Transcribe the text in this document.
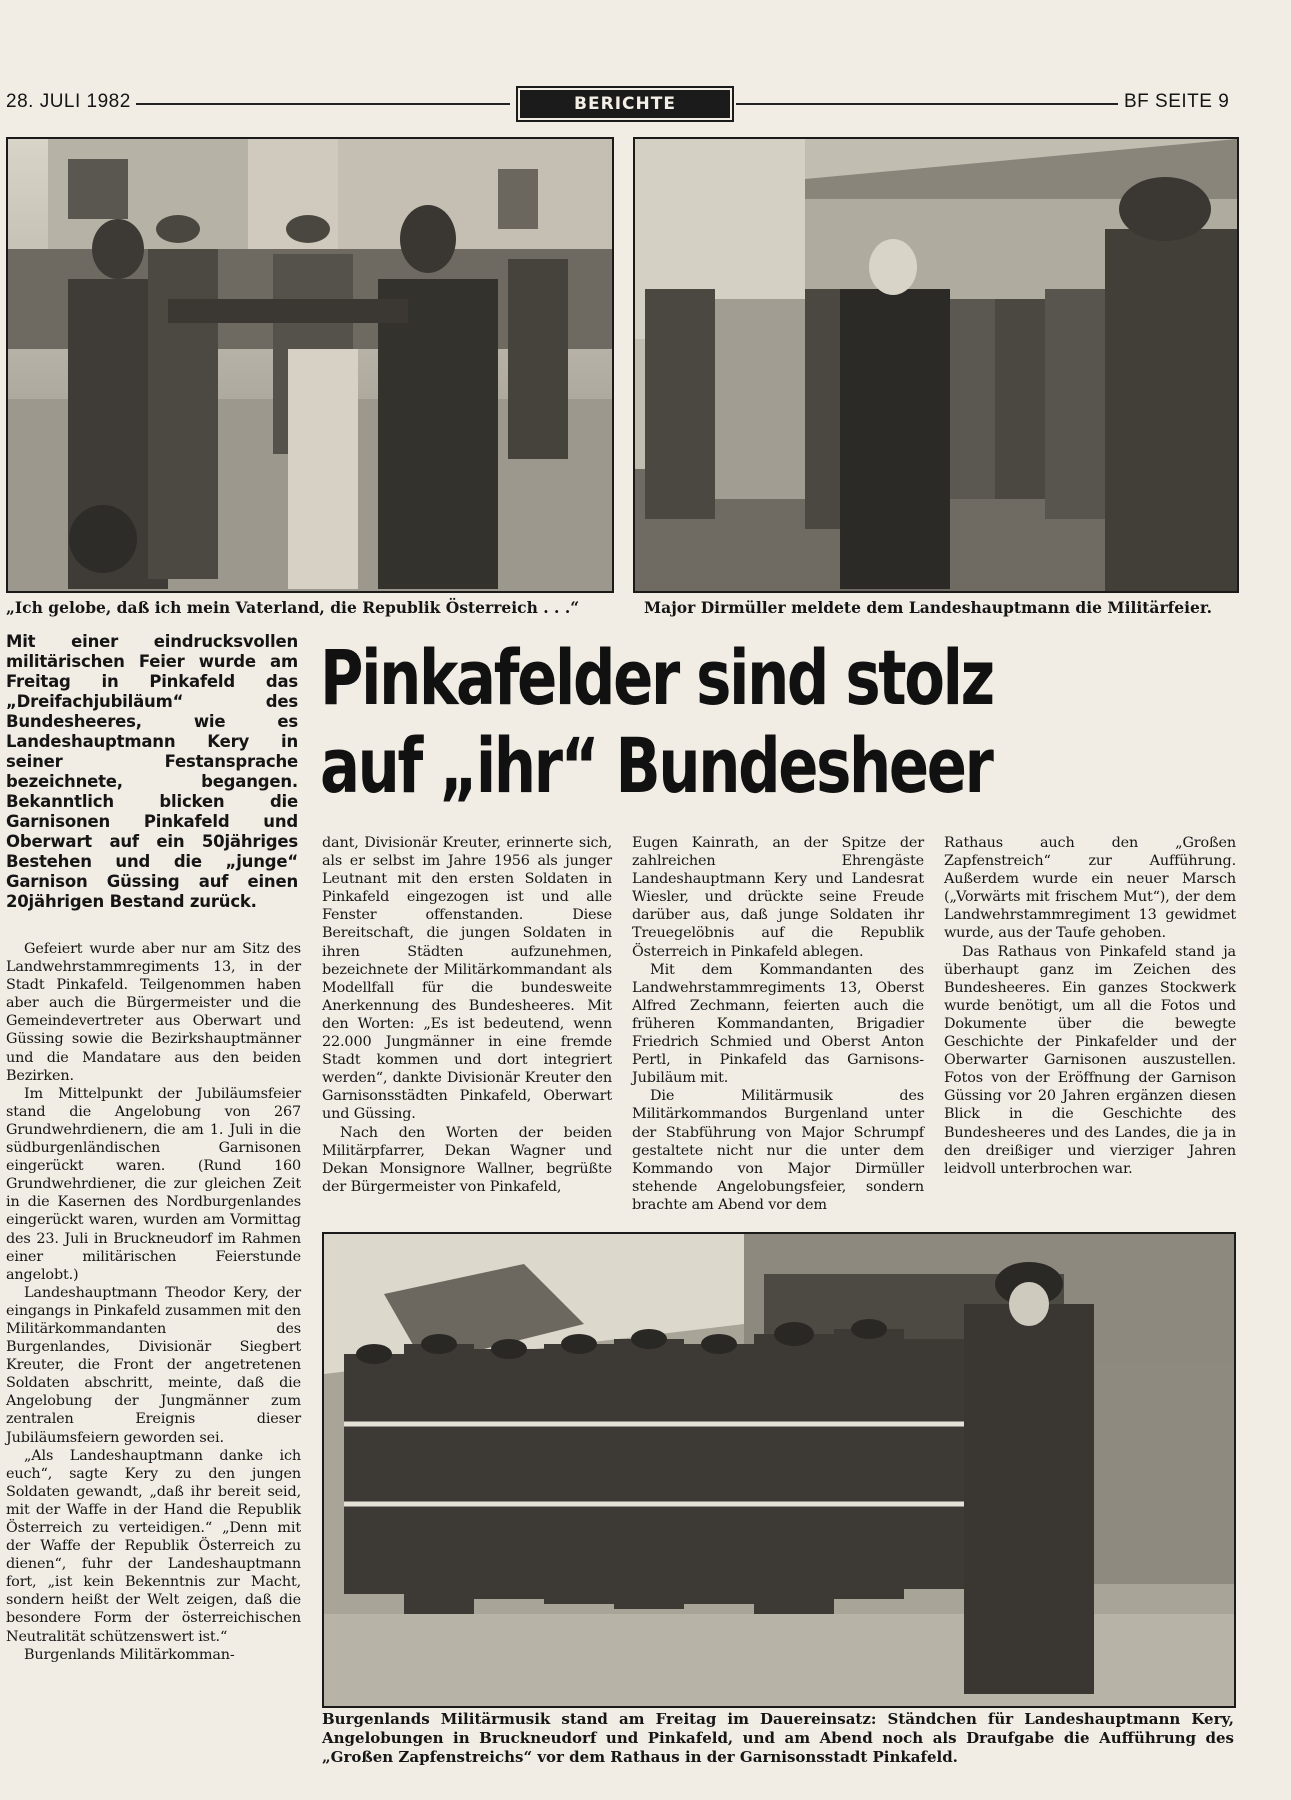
28. JULI 1982	BERICHTE	BF SEITE 9
„Ich gelobe, daß ich mein Vaterland, die Republik Österreich . . .“	Major Dirmüller meldete dem Landeshauptmann die Militärfeier.
Mit einer eindrucksvollen militärischen Feier wurde am Freitag in Pinkafeld das „Dreifachjubiläum“ des Bundesheeres, wie es Landeshauptmann Kery in seiner Festansprache bezeichnete, begangen. Bekanntlich blicken die Garnisonen Pinkafeld und Oberwart auf ein 50jähriges Bestehen und die „junge“ Garnison Güssing auf einen 20jährigen Bestand zurück.
Pinkafelder sind stolz
auf „ihr“ Bundesheer

Gefeiert wurde aber nur am Sitz des Landwehrstammregiments 13, in der Stadt Pinkafeld. Teilgenommen haben aber auch die Bürgermeister und die Gemeindevertreter aus Oberwart und Güssing sowie die Bezirkshauptmänner und die Mandatare aus den beiden Bezirken.

Im Mittelpunkt der Jubiläumsfeier stand die Angelobung von 267 Grundwehrdienern, die am 1. Juli in die südburgenländischen Garnisonen eingerückt waren. (Rund 160 Grundwehrdiener, die zur gleichen Zeit in die Kasernen des Nordburgenlandes eingerückt waren, wurden am Vormittag des 23. Juli in Bruckneudorf im Rahmen einer militärischen Feierstunde angelobt.)

Landeshauptmann Theodor Kery, der eingangs in Pinkafeld zusammen mit den Militärkommandanten des Burgenlandes, Divisionär Siegbert Kreuter, die Front der angetretenen Soldaten abschritt, meinte, daß die Angelobung der Jungmänner zum zentralen Ereignis dieser Jubiläumsfeiern geworden sei.

„Als Landeshauptmann danke ich euch“, sagte Kery zu den jungen Soldaten gewandt, „daß ihr bereit seid, mit der Waffe in der Hand die Republik Österreich zu verteidigen.“ „Denn mit der Waffe der Republik Österreich zu dienen“, fuhr der Landeshauptmann fort, „ist kein Bekenntnis zur Macht, sondern heißt der Welt zeigen, daß die besondere Form der österreichischen Neutralität schützenswert ist.“

Burgenlands Militärkomman-

dant, Divisionär Kreuter, erinnerte sich, als er selbst im Jahre 1956 als junger Leutnant mit den ersten Soldaten in Pinkafeld eingezogen ist und alle Fenster offenstanden. Diese Bereitschaft, die jungen Soldaten in ihren Städten aufzunehmen, bezeichnete der Militärkommandant als Modellfall für die bundesweite Anerkennung des Bundesheeres. Mit den Worten: „Es ist bedeutend, wenn 22.000 Jungmänner in eine fremde Stadt kommen und dort integriert werden“, dankte Divisionär Kreuter den Garnisonsstädten Pinkafeld, Oberwart und Güssing.

Nach den Worten der beiden Militärpfarrer, Dekan Wagner und Dekan Monsignore Wallner, begrüßte der Bürgermeister von Pinkafeld,

Eugen Kainrath, an der Spitze der zahlreichen Ehrengäste Landeshauptmann Kery und Landesrat Wiesler, und drückte seine Freude darüber aus, daß junge Soldaten ihr Treuegelöbnis auf die Republik Österreich in Pinkafeld ablegen.

Mit dem Kommandanten des Landwehrstammregiments 13, Oberst Alfred Zechmann, feierten auch die früheren Kommandanten, Brigadier Friedrich Schmied und Oberst Anton Pertl, in Pinkafeld das Garnisons-Jubiläum mit.

Die Militärmusik des Militärkommandos Burgenland unter der Stabführung von Major Schrumpf gestaltete nicht nur die unter dem Kommando von Major Dirmüller stehende Angelobungsfeier, sondern brachte am Abend vor dem

Rathaus auch den „Großen Zapfenstreich“ zur Aufführung. Außerdem wurde ein neuer Marsch („Vorwärts mit frischem Mut“), der dem Landwehrstammregiment 13 gewidmet wurde, aus der Taufe gehoben.

Das Rathaus von Pinkafeld stand ja überhaupt ganz im Zeichen des Bundesheeres. Ein ganzes Stockwerk wurde benötigt, um all die Fotos und Dokumente über die bewegte Geschichte der Pinkafelder und der Oberwarter Garnisonen auszustellen. Fotos von der Eröffnung der Garnison Güssing vor 20 Jahren ergänzen diesen Blick in die Geschichte des Bundesheeres und des Landes, die ja in den dreißiger und vierziger Jahren leidvoll unterbrochen war.

Burgenlands Militärmusik stand am Freitag im Dauereinsatz: Ständchen für Landeshauptmann Kery, Angelobungen in Bruckneudorf und Pinkafeld, und am Abend noch als Draufgabe die Aufführung des „Großen Zapfenstreichs“ vor dem Rathaus in der Garnisonsstadt Pinkafeld.
